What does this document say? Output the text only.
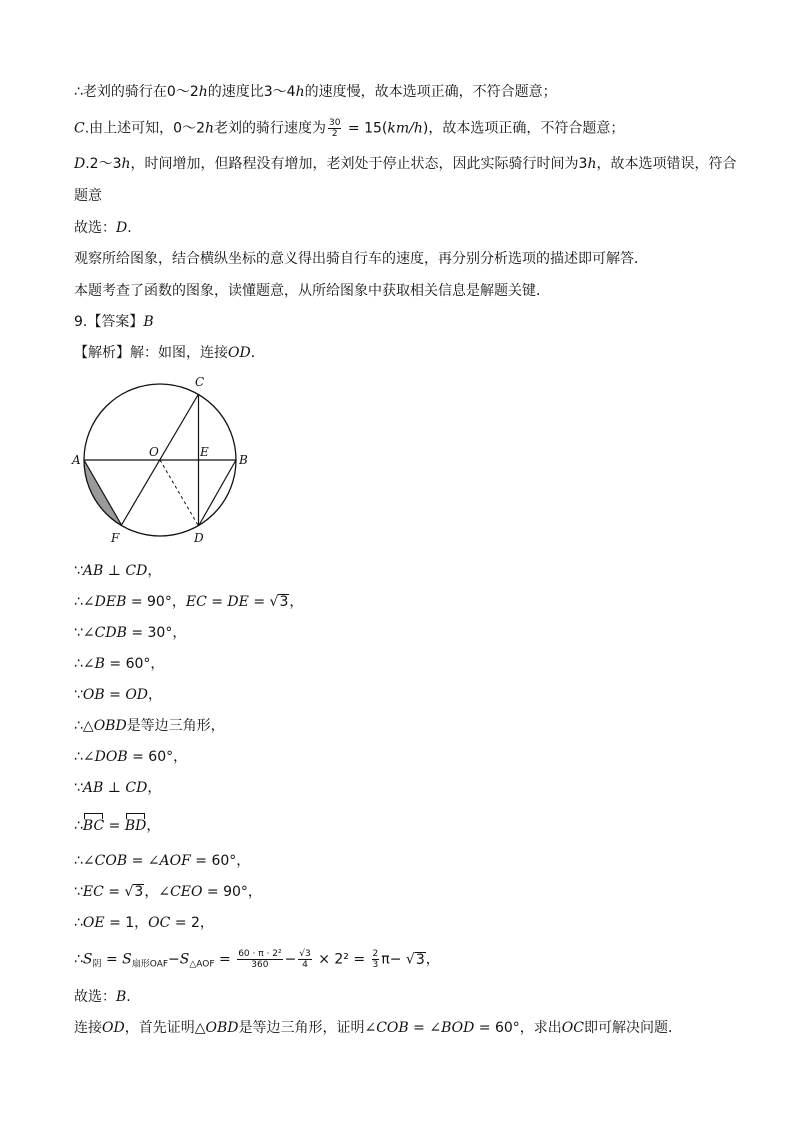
∴老刘的骑行在0～2h的速度比3～4h的速度慢，故本选项正确，不符合题意；
C.由上述可知，0～2h老刘的骑行速度为 $\frac{30}{2} = 15(km/h)$，故本选项正确，不符合题意；
D.2～3h，时间增加，但路程没有增加，老刘处于停止状态，因此实际骑行时间为3h，故本选项错误，符合
题意
故选：D.
观察所给图象，结合横纵坐标的意义得出骑自行车的速度，再分别分析选项的描述即可解答．
本题考查了函数的图象，读懂题意，从所给图象中获取相关信息是解题关键．
9.【答案】B
【解析】解：如图，连接OD．
C
O	E
A	B
F	D
∵AB ⊥ CD，
∴∠DEB = 90°，EC = DE = √3，
∵∠CDB = 30°，
∴∠B = 60°，
∵OB = OD，
∴△OBD是等边三角形，
∴∠DOB = 60°，
∵AB ⊥ CD，
∴BC = BD，
∴∠COB = ∠AOF = 60°，
∵EC = √3，∠CEO = 90°，
∴OE = 1，OC = 2，
$\therefore S_阴 = S_{扇形OAF}-S_{\triangle AOF} = \frac{\text{60 · π · 2²}}{360} - \frac{√3}{4} \times 2^2 = \frac{2}{3} \pi- √3$，
故选：B.
连接OD，首先证明△OBD是等边三角形，证明∠COB = ∠BOD = 60°，求出OC即可解决问题．
